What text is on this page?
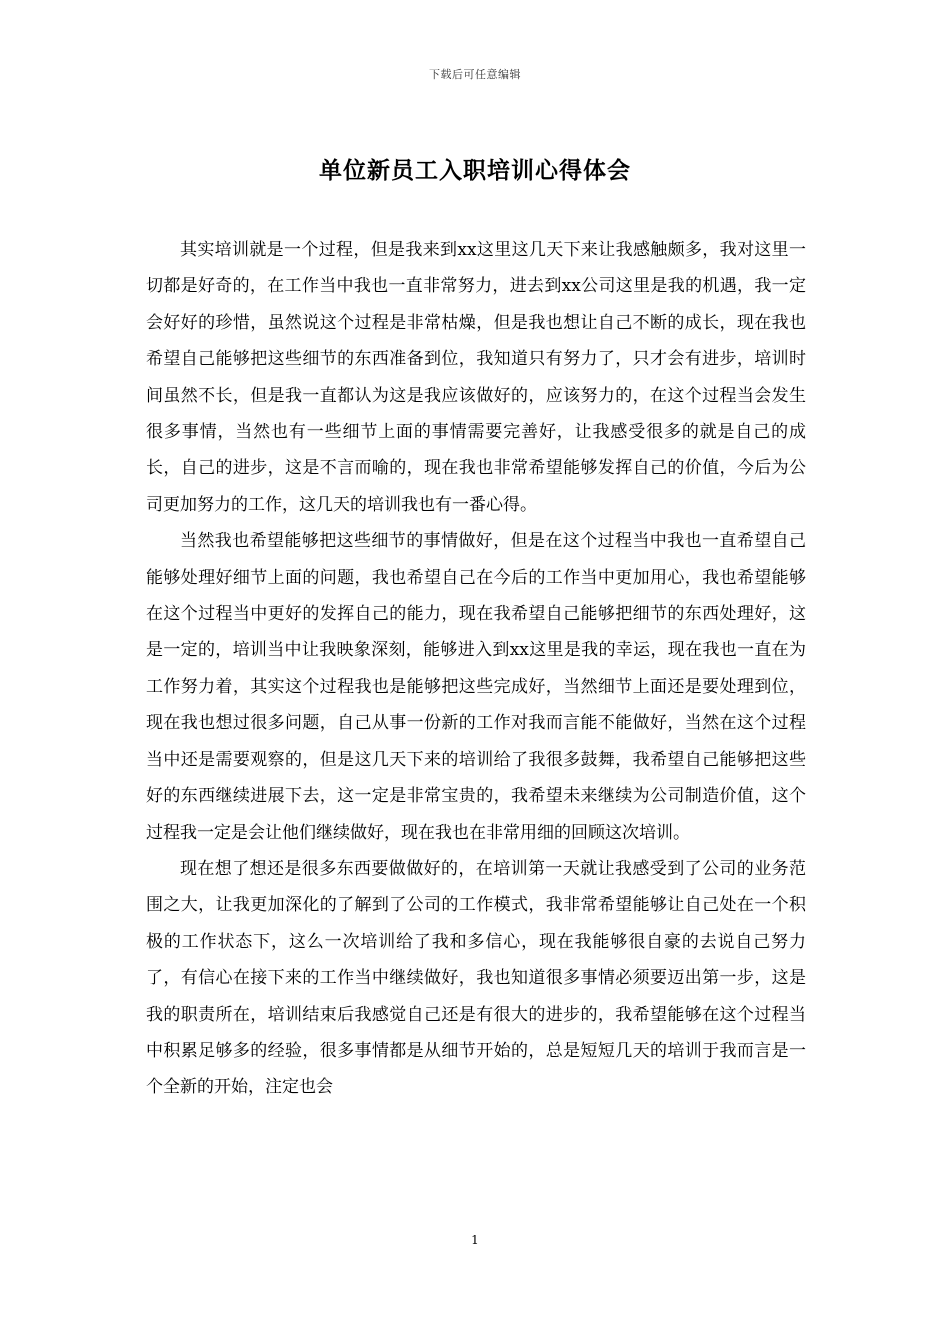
下载后可任意编辑
单位新员工入职培训心得体会

其实培训就是一个过程，但是我来到xx这里这几天下来让我感触颇多，我对这里一切都是好奇的，在工作当中我也一直非常努力，进去到xx公司这里是我的机遇，我一定会好好的珍惜，虽然说这个过程是非常枯燥，但是我也想让自己不断的成长，现在我也希望自己能够把这些细节的东西准备到位，我知道只有努力了，只才会有进步，培训时间虽然不长，但是我一直都认为这是我应该做好的，应该努力的，在这个过程当会发生很多事情，当然也有一些细节上面的事情需要完善好，让我感受很多的就是自己的成长，自己的进步，这是不言而喻的，现在我也非常希望能够发挥自己的价值，今后为公司更加努力的工作，这几天的培训我也有一番心得。

当然我也希望能够把这些细节的事情做好，但是在这个过程当中我也一直希望自己能够处理好细节上面的问题，我也希望自己在今后的工作当中更加用心，我也希望能够在这个过程当中更好的发挥自己的能力，现在我希望自己能够把细节的东西处理好，这是一定的，培训当中让我映象深刻，能够进入到xx这里是我的幸运，现在我也一直在为工作努力着，其实这个过程我也是能够把这些完成好，当然细节上面还是要处理到位，现在我也想过很多问题，自己从事一份新的工作对我而言能不能做好，当然在这个过程当中还是需要观察的，但是这几天下来的培训给了我很多鼓舞，我希望自己能够把这些好的东西继续进展下去，这一定是非常宝贵的，我希望未来继续为公司制造价值，这个过程我一定是会让他们继续做好，现在我也在非常用细的回顾这次培训。

现在想了想还是很多东西要做做好的，在培训第一天就让我感受到了公司的业务范围之大，让我更加深化的了解到了公司的工作模式，我非常希望能够让自己处在一个积极的工作状态下，这么一次培训给了我和多信心，现在我能够很自豪的去说自己努力了，有信心在接下来的工作当中继续做好，我也知道很多事情必须要迈出第一步，这是我的职责所在，培训结束后我感觉自己还是有很大的进步的，我希望能够在这个过程当中积累足够多的经验，很多事情都是从细节开始的，总是短短几天的培训于我而言是一个全新的开始，注定也会

1
